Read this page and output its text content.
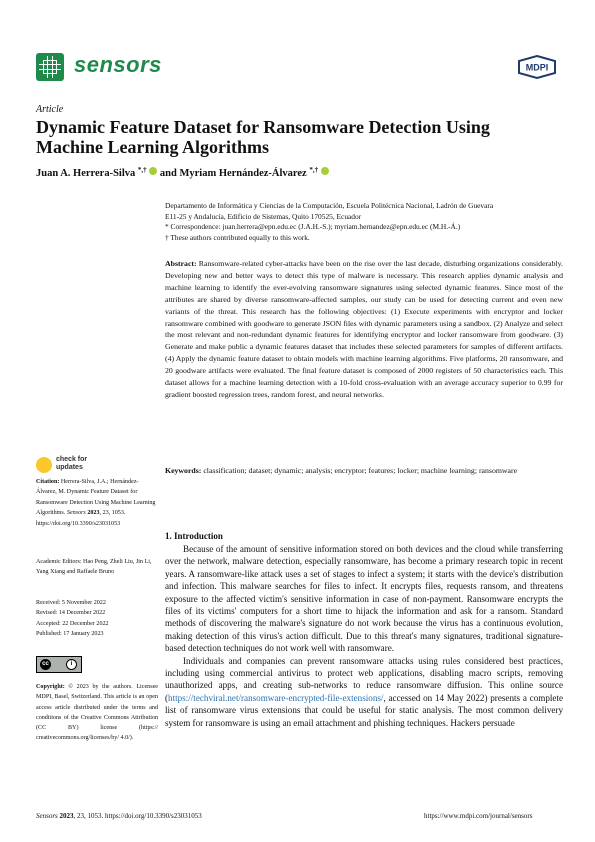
sensors	MDPI
Article
Dynamic Feature Dataset for Ransomware Detection Using Machine Learning Algorithms
Juan A. Herrera-Silva *,† and Myriam Hernández-Álvarez *,†

Departamento de Informática y Ciencias de la Computación, Escuela Politécnica Nacional, Ladrón de Guevara

E11-25 y Andalucía, Edificio de Sistemas, Quito 170525, Ecuador

* Correspondence: juan.herrera@epn.edu.ec (J.A.H.-S.); myriam.hernandez@epn.edu.ec (M.H.-Á.)

† These authors contributed equally to this work.

Abstract: Ransomware-related cyber-attacks have been on the rise over the last decade, disturbing organizations considerably. Developing new and better ways to detect this type of malware is necessary. This research applies dynamic analysis and machine learning to identify the ever-evolving ransomware signatures using selected dynamic features. Since most of the attributes are shared by diverse ransomware-affected samples, our study can be used for detecting current and even new variants of the threat. This research has the following objectives: (1) Execute experiments with encryptor and locker ransomware combined with goodware to generate JSON files with dynamic parameters using a sandbox. (2) Analyze and select the most relevant and non-redundant dynamic features for identifying encryptor and locker ransomware from goodware. (3) Generate and make public a dynamic features dataset that includes these selected parameters for samples of different artifacts. (4) Apply the dynamic feature dataset to obtain models with machine learning algorithms. Five platforms, 20 ransomware, and 20 goodware artifacts were evaluated. The final feature dataset is composed of 2000 registers of 50 characteristics each. This dataset allows for a machine learning detection with a 10-fold cross-evaluation with an average accuracy superior to 0.99 for gradient boosted regression trees, random forest, and neural networks.
Keywords: classification; dataset; dynamic; analysis; encryptor; features; locker; machine learning; ransomware
check for
updates

Citation: Herrera-Silva, J.A.; Hernández-Álvarez, M. Dynamic Feature Dataset for Ransomware Detection Using Machine Learning Algorithms. Sensors 2023, 23, 1053. https://doi.org/10.3390/s23031053

Academic Editors: Hao Peng, Zheli Liu, Jin Li, Yang Xiang and Raffaele Bruno

Received: 5 November 2022

Revised: 14 December 2022

Accepted: 22 December 2022

Published: 17 January 2023

cc	i
Copyright: © 2023 by the authors. Licensee MDPI, Basel, Switzerland. This article is an open access article distributed under the terms and conditions of the Creative Commons Attribution (CC BY) license (https:// creativecommons.org/licenses/by/ 4.0/).
1. Introduction

Because of the amount of sensitive information stored on both devices and the cloud while transferring over the network, malware detection, especially ransomware, has become a primary research topic in recent years. A ransomware-like attack uses a set of stages to infect a system; it starts with the device's distribution and infection. This malware searches for files to infect. It encrypts files, requests ransom, and threatens exposure to the affected victim's sensitive information in case of non-payment. Ransomware encrypts the files of its victims' computers for a short time to hijack the information and ask for a ransom. Standard methods of discovering the malware's signature do not work because the virus has a continuous evolution, making detection of this virus's action difficult. Due to this threat's many signatures, traditional signature-based detection techniques do not work well with ransomware.

Individuals and companies can prevent ransomware attacks using rules considered best practices, including using commercial antivirus to protect web applications, disabling macro scripts, removing unauthorized apps, and creating sub-networks to reduce ransomware diffusion. This online source (https://techviral.net/ransomware-encrypted-file-extensions/, accessed on 14 May 2022) presents a complete list of ransomware virus extensions that could be useful for static analysis. The most common delivery system for ransomware is using an email attachment and phishing techniques. Hackers persuade

Sensors 2023, 23, 1053. https://doi.org/10.3390/s23031053	https://www.mdpi.com/journal/sensors
